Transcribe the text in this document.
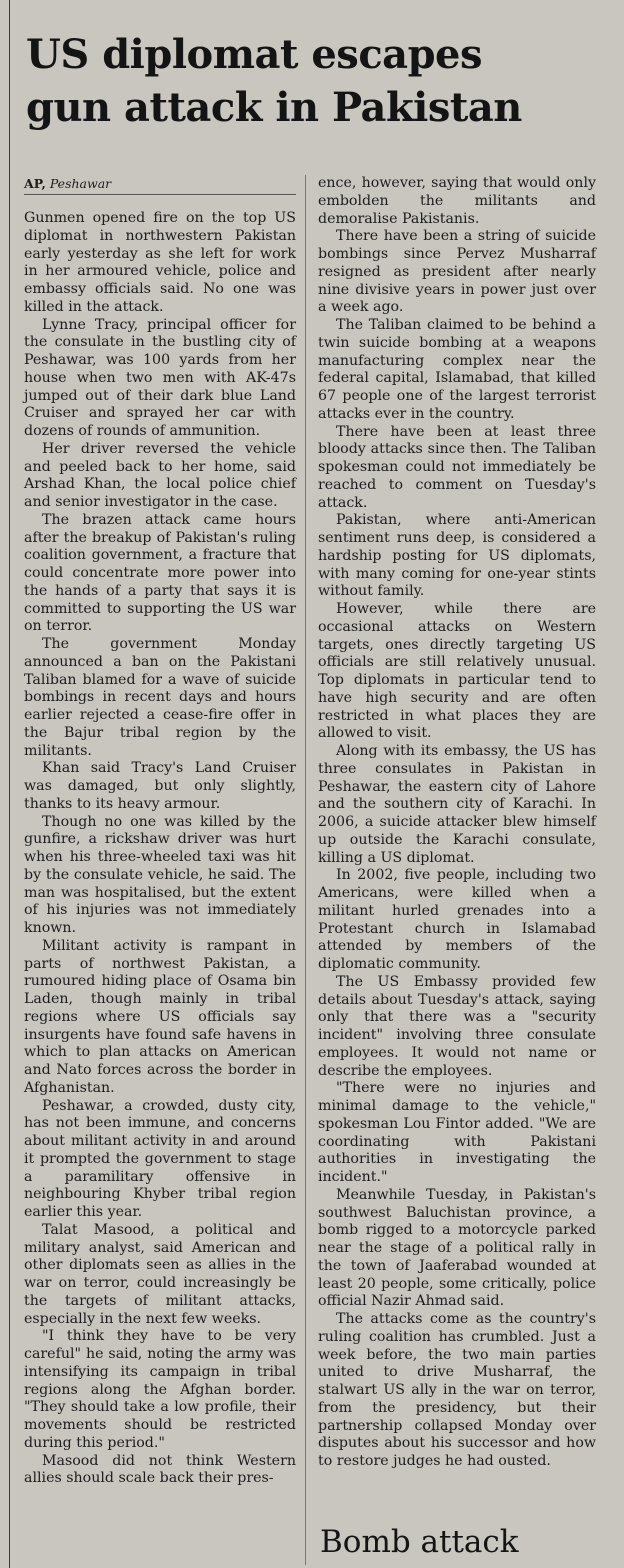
US diplomat escapes
gun attack in Pakistan
AP, Peshawar

Gunmen opened fire on the top US diplomat in northwestern Pakistan early yesterday as she left for work in her armoured vehicle, police and embassy officials said. No one was killed in the attack.

Lynne Tracy, principal officer for the consulate in the bustling city of Peshawar, was 100 yards from her house when two men with AK-47s jumped out of their dark blue Land Cruiser and sprayed her car with dozens of rounds of ammunition.

Her driver reversed the vehicle and peeled back to her home, said Arshad Khan, the local police chief and senior investigator in the case.

The brazen attack came hours after the breakup of Pakistan's ruling coalition government, a fracture that could concentrate more power into the hands of a party that says it is committed to supporting the US war on terror.

The government Monday announced a ban on the Pakistani Taliban blamed for a wave of suicide bombings in recent days and hours earlier rejected a cease-fire offer in the Bajur tribal region by the militants.

Khan said Tracy's Land Cruiser was damaged, but only slightly, thanks to its heavy armour.

Though no one was killed by the gunfire, a rickshaw driver was hurt when his three-wheeled taxi was hit by the consulate vehicle, he said. The man was hospitalised, but the extent of his injuries was not immediately known.

Militant activity is rampant in parts of northwest Pakistan, a rumoured hiding place of Osama bin Laden, though mainly in tribal regions where US officials say insurgents have found safe havens in which to plan attacks on American and Nato forces across the border in Afghanistan.

Peshawar, a crowded, dusty city, has not been immune, and concerns about militant activity in and around it prompted the government to stage a paramilitary offensive in neighbouring Khyber tribal region earlier this year.

Talat Masood, a political and military analyst, said American and other diplomats seen as allies in the war on terror, could increasingly be the targets of militant attacks, especially in the next few weeks.

"I think they have to be very careful" he said, noting the army was intensifying its campaign in tribal regions along the Afghan border. "They should take a low profile, their movements should be restricted during this period."

Masood did not think Western allies should scale back their pres-

ence, however, saying that would only embolden the militants and demoralise Pakistanis.

There have been a string of suicide bombings since Pervez Musharraf resigned as president after nearly nine divisive years in power just over a week ago.

The Taliban claimed to be behind a twin suicide bombing at a weapons manufacturing complex near the federal capital, Islamabad, that killed 67 people one of the largest terrorist attacks ever in the country.

There have been at least three bloody attacks since then. The Taliban spokesman could not immediately be reached to comment on Tuesday's attack.

Pakistan, where anti-American sentiment runs deep, is considered a hardship posting for US diplomats, with many coming for one-year stints without family.

However, while there are occasional attacks on Western targets, ones directly targeting US officials are still relatively unusual. Top diplomats in particular tend to have high security and are often restricted in what places they are allowed to visit.

Along with its embassy, the US has three consulates in Pakistan in Peshawar, the eastern city of Lahore and the southern city of Karachi. In 2006, a suicide attacker blew himself up outside the Karachi consulate, killing a US diplomat.

In 2002, five people, including two Americans, were killed when a militant hurled grenades into a Protestant church in Islamabad attended by members of the diplomatic community.

The US Embassy provided few details about Tuesday's attack, saying only that there was a "security incident" involving three consulate employees. It would not name or describe the employees.

"There were no injuries and minimal damage to the vehicle," spokesman Lou Fintor added. "We are coordinating with Pakistani authorities in investigating the incident."

Meanwhile Tuesday, in Pakistan's southwest Baluchistan province, a bomb rigged to a motorcycle parked near the stage of a political rally in the town of Jaaferabad wounded at least 20 people, some critically, police official Nazir Ahmad said.

The attacks come as the country's ruling coalition has crumbled. Just a week before, the two main parties united to drive Musharraf, the stalwart US ally in the war on terror, from the presidency, but their partnership collapsed Monday over disputes about his successor and how to restore judges he had ousted.

Bomb attack
